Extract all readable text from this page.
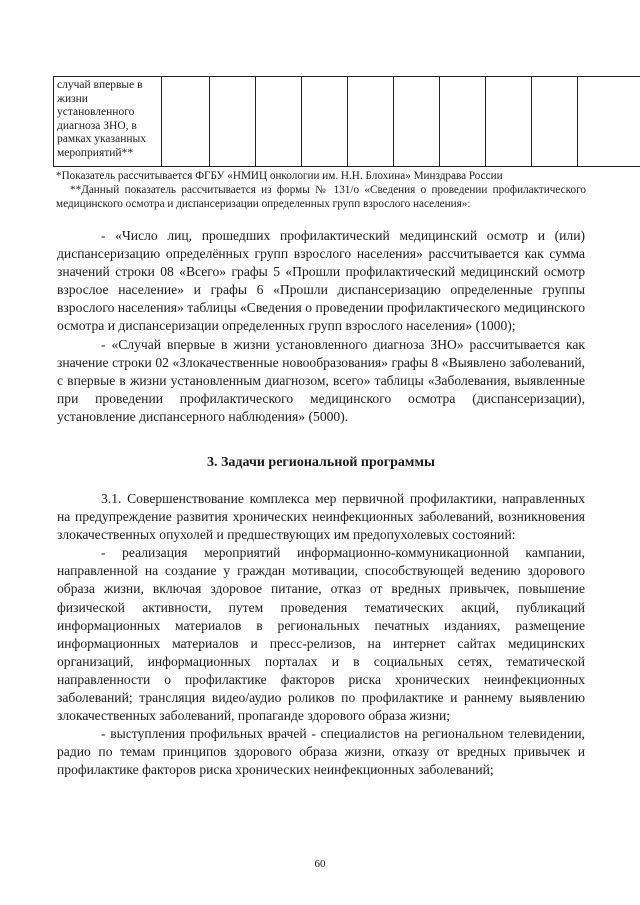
случай впервые в жизни установленного диагноза ЗНО, в рамках указанных мероприятий**										
*Показатель рассчитывается ФГБУ «НМИЦ онкологии им. Н.Н. Блохина» Минздрава России
**Данный показатель рассчитывается из формы № 131/о «Сведения о проведении профилактического медицинского осмотра и диспансеризации определенных групп взрослого населения»:

- «Число лиц, прошедших профилактический медицинский осмотр и (или) диспансеризацию определённых групп взрослого населения» рассчитывается как сумма значений строки 08 «Всего» графы 5 «Прошли профилактический медицинский осмотр взрослое население» и графы 6 «Прошли диспансеризацию определенные группы взрослого населения» таблицы «Сведения о проведении профилактического медицинского осмотра и диспансеризации определенных групп взрослого населения» (1000);

- «Случай впервые в жизни установленного диагноза ЗНО» рассчитывается как значение строки 02 «Злокачественные новообразования» графы 8 «Выявлено заболеваний, с впервые в жизни установленным диагнозом, всего» таблицы «Заболевания, выявленные при проведении профилактического медицинского осмотра (диспансеризации), установление диспансерного наблюдения» (5000).

3. Задачи региональной программы

3.1. Совершенствование комплекса мер первичной профилактики, направленных на предупреждение развития хронических неинфекционных заболеваний, возникновения злокачественных опухолей и предшествующих им предопухолевых состояний:

- реализация мероприятий информационно-коммуникационной кампании, направленной на создание у граждан мотивации, способствующей ведению здорового образа жизни, включая здоровое питание, отказ от вредных привычек, повышение физической активности, путем проведения тематических акций, публикаций информационных материалов в региональных печатных изданиях, размещение информационных материалов и пресс-релизов, на интернет сайтах медицинских организаций, информационных порталах и в социальных сетях, тематической направленности о профилактике факторов риска хронических неинфекционных заболеваний; трансляция видео/аудио роликов по профилактике и раннему выявлению злокачественных заболеваний, пропаганде здорового образа жизни;

- выступления профильных врачей - специалистов на региональном телевидении, радио по темам принципов здорового образа жизни, отказу от вредных привычек и профилактике факторов риска хронических неинфекционных заболеваний;

60
